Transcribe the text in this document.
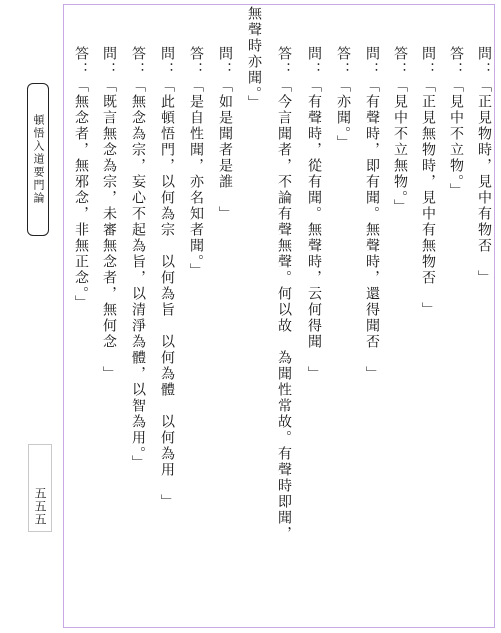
頓悟入道要門論
五五五
問：「正見物時，見中有物否　」
答：「見中不立物。」
問：「正見無物時，見中有無物否　」
答：「見中不立無物。」
問：「有聲時，即有聞。無聲時，還得聞否　」
答：「亦聞。」
問：「有聲時，從有聞。無聲時，云何得聞　」
答：「今言聞者，不論有聲無聲。何以故　為聞性常故。有聲時即聞，
無聲時亦聞。」
問：「如是聞者是誰　」
答：「是自性聞，亦名知者聞。」
問：「此頓悟門，以何為宗　以何為旨　以何為體　以何為用　」
答：「無念為宗，妄心不起為旨，以清淨為體，以智為用。」
問：「既言無念為宗，未審無念者，無何念　」
答：「無念者，無邪念，非無正念。」
